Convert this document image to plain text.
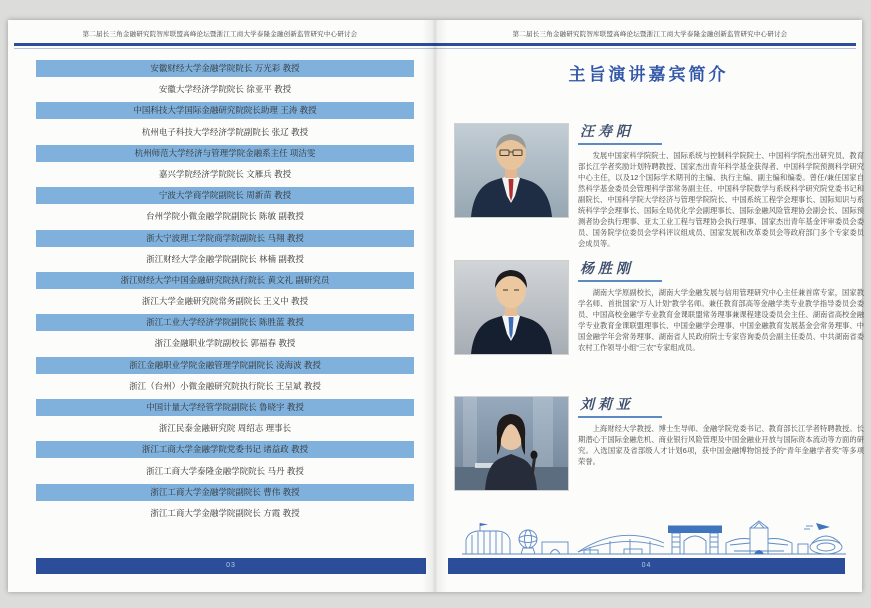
第二届长三角金融研究院智库联盟高峰论坛暨浙江工商大学泰隆金融创新监管研究中心研讨会	第二届长三角金融研究院智库联盟高峰论坛暨浙江工商大学泰隆金融创新监管研究中心研讨会
安徽财经大学金融学院院长 万光彩 教授
安徽大学经济学院院长 徐亚平 教授
中国科技大学国际金融研究院院长助理 王涛 教授
杭州电子科技大学经济学院副院长 张辽 教授
杭州师范大学经济与管理学院金融系主任 项洁雯
嘉兴学院经济学院院长 文雁兵 教授
宁波大学商学院副院长 周新苗 教授
台州学院小微金融学院副院长 陈敏 副教授
浙大宁波理工学院商学院副院长 马翔 教授
浙江财经大学金融学院副院长 林楠 副教授
浙江财经大学中国金融研究院执行院长 黄文礼 副研究员
浙江大学金融研究院常务副院长 王义中 教授
浙江工业大学经济学院副院长 陈胜蓝 教授
浙江金融职业学院副校长 郭福春 教授
浙江金融职业学院金融管理学院副院长 凌海波 教授
浙江（台州）小微金融研究院执行院长 王呈斌 教授
中国计量大学经管学院副院长 鲁晓宇 教授
浙江民泰金融研究院 周绍志 理事长
浙江工商大学金融学院党委书记 诸益政 教授
浙江工商大学泰隆金融学院院长 马丹 教授
浙江工商大学金融学院副院长 曹伟 教授
浙江工商大学金融学院副院长 方霞 教授
主旨演讲嘉宾简介
汪寿阳
发展中国家科学院院士、国际系统与控制科学院院士、中国科学院杰出研究员、教育部长江学者奖励计划特聘教授、国家杰出青年科学基金获得者、中国科学院预测科学研究中心主任，以及12个国际学术期刊的主编、执行主编、副主编和编委。曾任/兼任国家自然科学基金委员会管理科学部常务副主任、中国科学院数学与系统科学研究院党委书记和副院长、中国科学院大学经济与管理学院院长、中国系统工程学会理事长、国际知识与系统科学学会理事长、国际全局优化学会副理事长、国际金融风险管理协会副会长、国际预测者协会执行理事、亚太工业工程与管理协会执行理事、国家杰出青年基金评审委员会委员、国务院学位委员会学科评议组成员、国家发展和改革委员会等政府部门多个专家委员会成员等。
杨胜刚
湖南大学原副校长，湖南大学金融发展与信用管理研究中心主任兼首席专家，国家教学名师、首批国家“万人计划”教学名师。兼任教育部高等金融学类专业教学指导委员会委员、中国高校金融学专业教育金课联盟常务理事兼课程建设委员会主任、湖南省高校金融学专业教育金课联盟理事长、中国金融学会理事、中国金融教育发展基金会常务理事、中国金融学年会常务理事、湖南省人民政府院士专家咨询委员会副主任委员、中共湖南省委农村工作领导小组“三农”专家组成员。
刘莉亚
上海财经大学教授、博士生导师、金融学院党委书记、教育部长江学者特聘教授。长期潜心于国际金融危机、商业银行风险管理及中国金融业开放与国际资本流动等方面的研究。入选国家及省部级人才计划6项，获中国金融博物馆授予的“青年金融学者奖”等多项荣誉。
03	04
